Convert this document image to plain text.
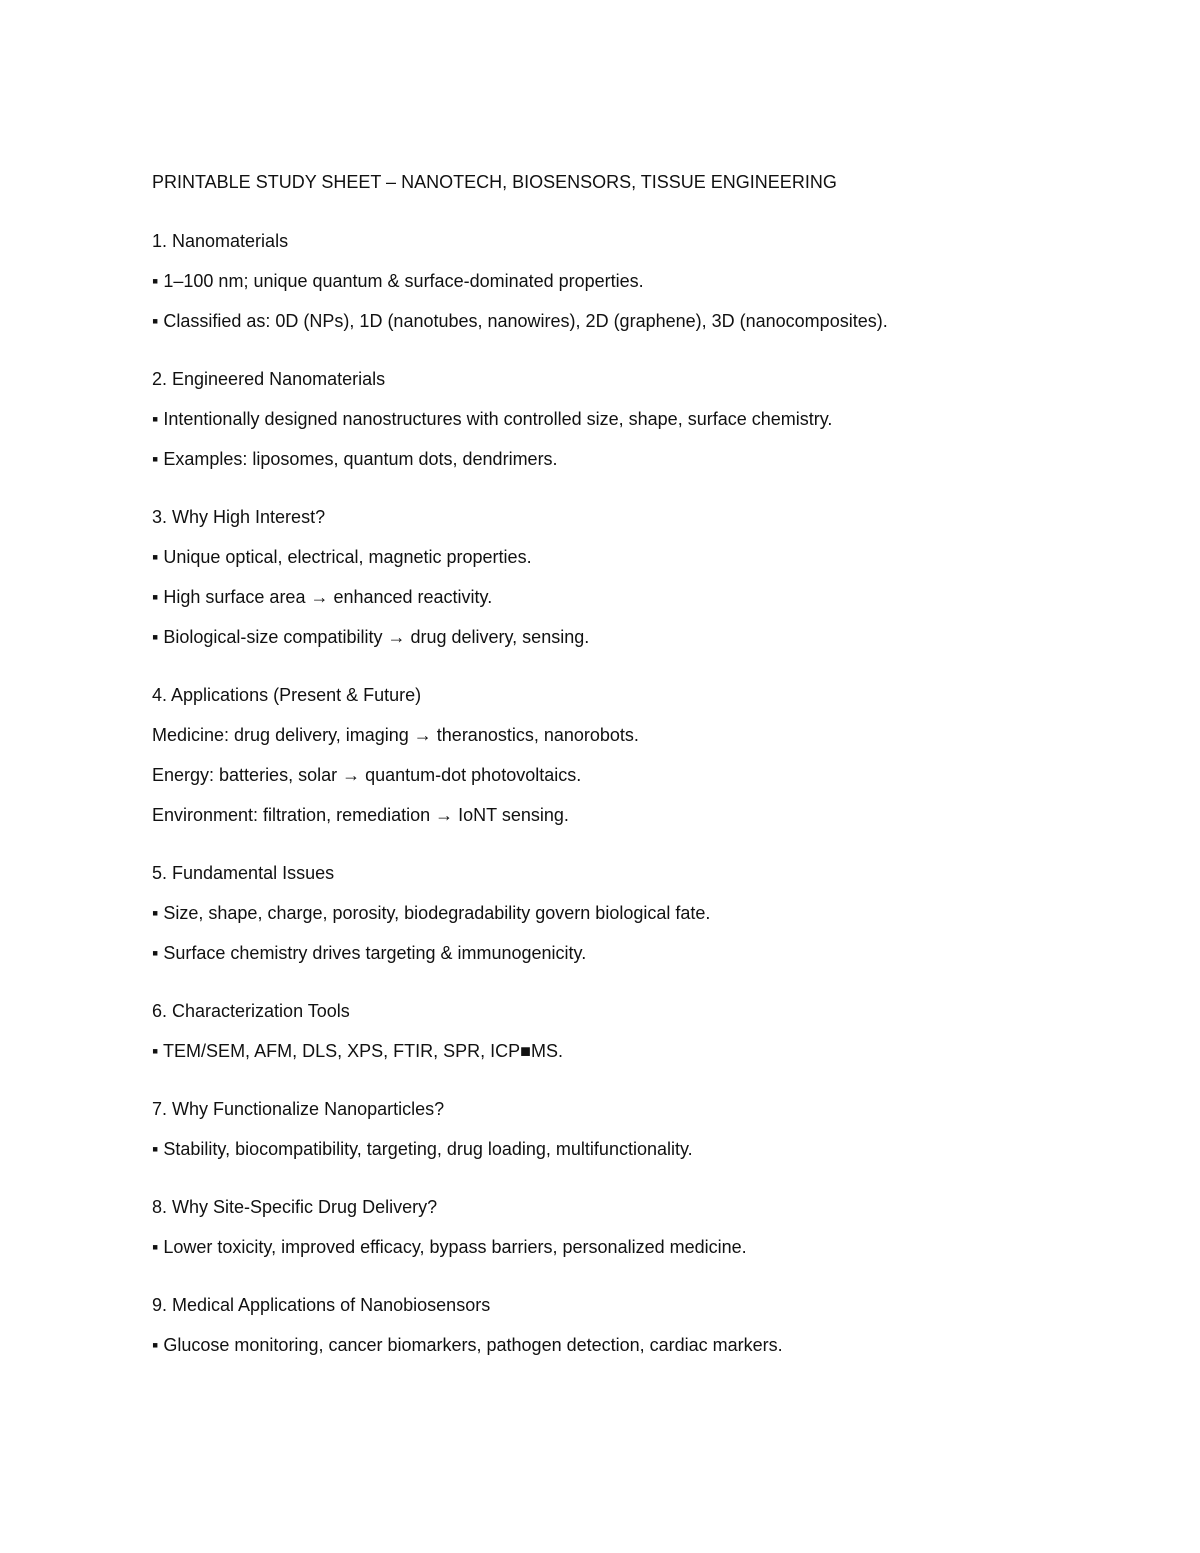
PRINTABLE STUDY SHEET – NANOTECH, BIOSENSORS, TISSUE ENGINEERING

1. Nanomaterials

▪ 1–100 nm; unique quantum & surface-dominated properties.

▪ Classified as: 0D (NPs), 1D (nanotubes, nanowires), 2D (graphene), 3D (nanocomposites).

2. Engineered Nanomaterials

▪ Intentionally designed nanostructures with controlled size, shape, surface chemistry.

▪ Examples: liposomes, quantum dots, dendrimers.

3. Why High Interest?

▪ Unique optical, electrical, magnetic properties.

▪ High surface area → enhanced reactivity.

▪ Biological-size compatibility → drug delivery, sensing.

4. Applications (Present & Future)

Medicine: drug delivery, imaging → theranostics, nanorobots.

Energy: batteries, solar → quantum-dot photovoltaics.

Environment: filtration, remediation → IoNT sensing.

5. Fundamental Issues

▪ Size, shape, charge, porosity, biodegradability govern biological fate.

▪ Surface chemistry drives targeting & immunogenicity.

6. Characterization Tools

▪ TEM/SEM, AFM, DLS, XPS, FTIR, SPR, ICP■MS.

7. Why Functionalize Nanoparticles?

▪ Stability, biocompatibility, targeting, drug loading, multifunctionality.

8. Why Site-Specific Drug Delivery?

▪ Lower toxicity, improved efficacy, bypass barriers, personalized medicine.

9. Medical Applications of Nanobiosensors

▪ Glucose monitoring, cancer biomarkers, pathogen detection, cardiac markers.
